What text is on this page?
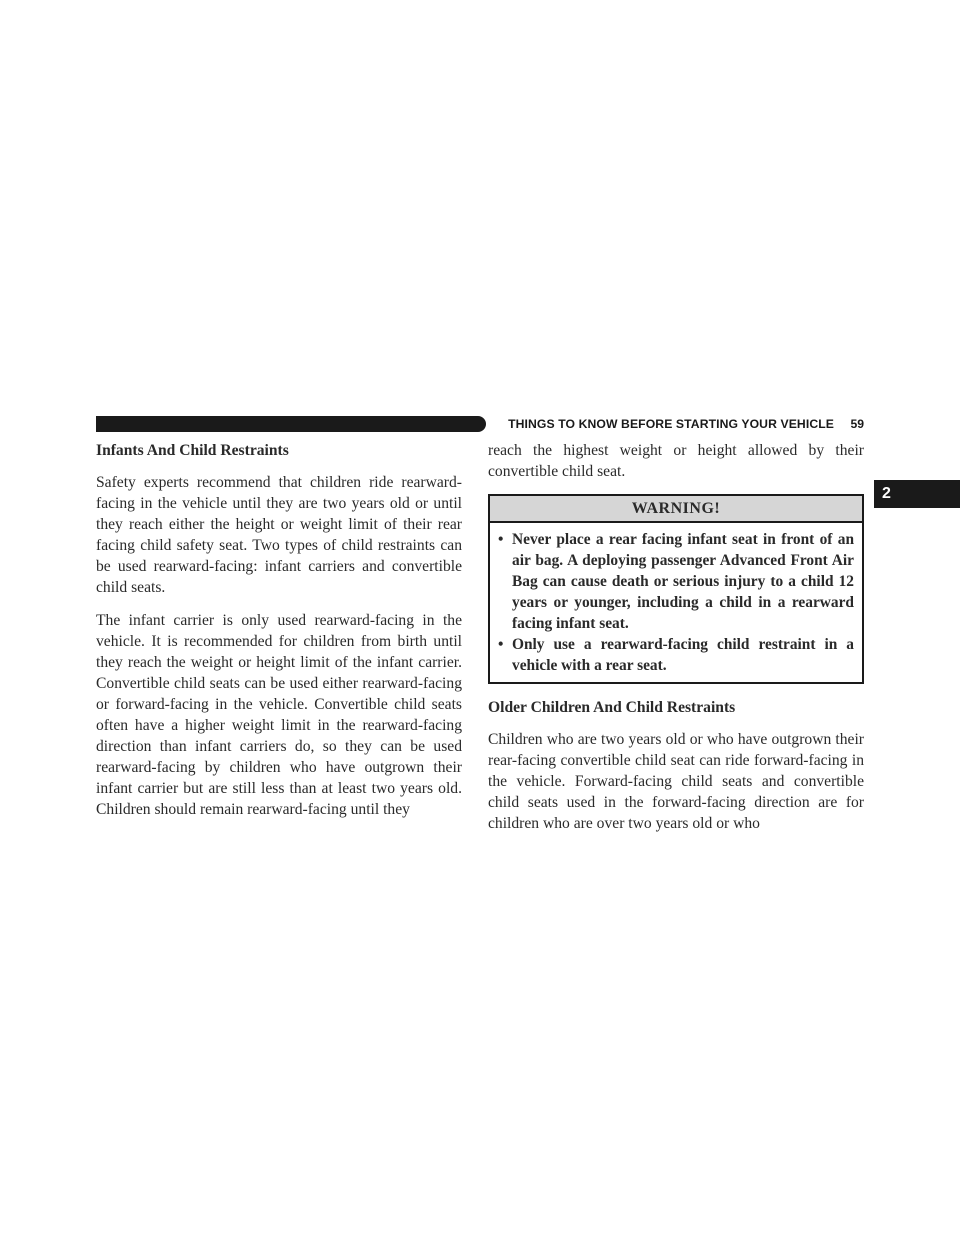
THINGS TO KNOW BEFORE STARTING YOUR VEHICLE 59
2
Infants And Child Restraints

Safety experts recommend that children ride rearward-facing in the vehicle until they are two years old or until they reach either the height or weight limit of their rear facing child safety seat. Two types of child restraints can be used rearward-facing: infant carriers and convertible child seats.

The infant carrier is only used rearward-facing in the vehicle. It is recommended for children from birth until they reach the weight or height limit of the infant carrier. Convertible child seats can be used either rearward-facing or forward-facing in the vehicle. Convertible child seats often have a higher weight limit in the rearward-facing direction than infant carriers do, so they can be used rearward-facing by children who have outgrown their infant carrier but are still less than at least two years old. Children should remain rearward-facing until they

reach the highest weight or height allowed by their convertible child seat.

WARNING!
• Never place a rear facing infant seat in front of an air bag. A deploying passenger Advanced Front Air Bag can cause death or serious injury to a child 12 years or younger, including a child in a rearward facing infant seat.
• Only use a rearward-facing child restraint in a vehicle with a rear seat.
Older Children And Child Restraints

Children who are two years old or who have outgrown their rear-facing convertible child seat can ride forward-facing in the vehicle. Forward-facing child seats and convertible child seats used in the forward-facing direction are for children who are over two years old or who
